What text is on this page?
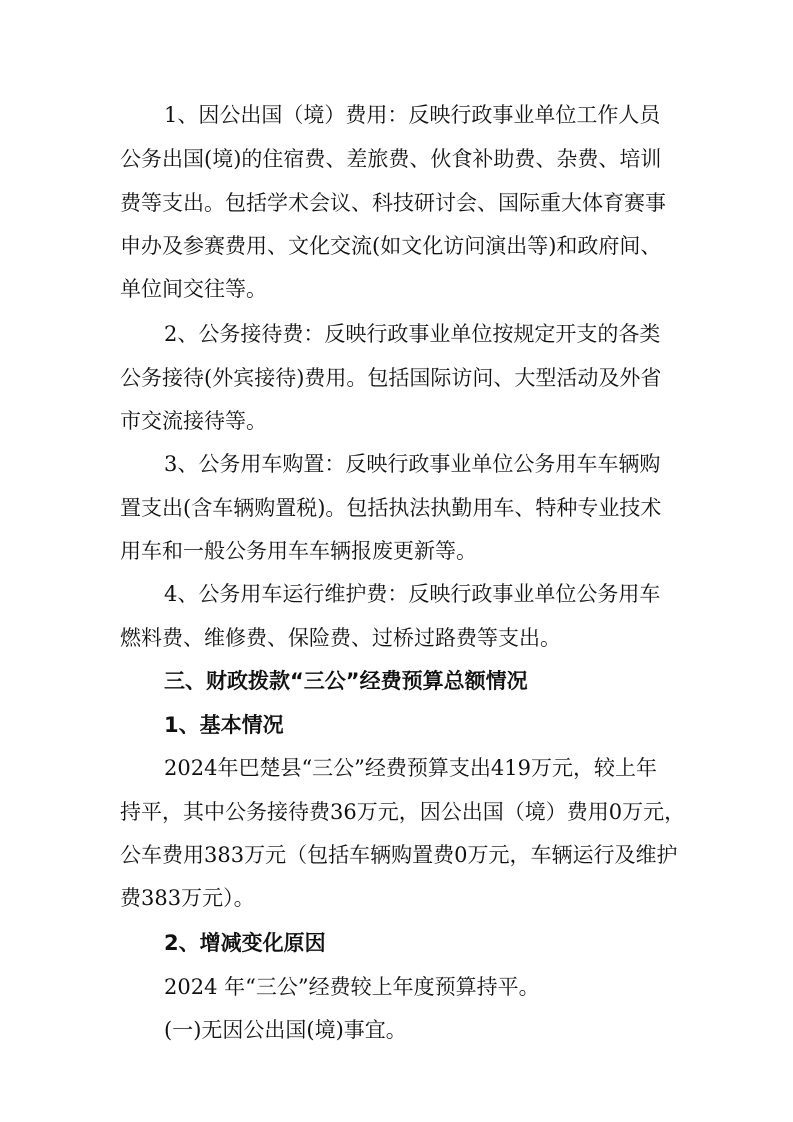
1、因公出国（境）费用：反映行政事业单位工作人员
公务出国(境)的住宿费、差旅费、伙食补助费、杂费、培训
费等支出。包括学术会议、科技研讨会、国际重大体育赛事
申办及参赛费用、文化交流(如文化访问演出等)和政府间、
单位间交往等。
2、公务接待费：反映行政事业单位按规定开支的各类
公务接待(外宾接待)费用。包括国际访问、大型活动及外省
市交流接待等。
3、公务用车购置：反映行政事业单位公务用车车辆购
置支出(含车辆购置税)。包括执法执勤用车、特种专业技术
用车和一般公务用车车辆报废更新等。
4、公务用车运行维护费：反映行政事业单位公务用车
燃料费、维修费、保险费、过桥过路费等支出。
三、财政拨款“三公”经费预算总额情况
1、基本情况
2024年巴楚县“三公”经费预算支出419万元，较上年
持平，其中公务接待费36万元，因公出国（境）费用0万元，
公车费用383万元（包括车辆购置费0万元，车辆运行及维护
费383万元）。
2、增减变化原因
2024 年“三公”经费较上年度预算持平。
(一)无因公出国(境)事宜。
